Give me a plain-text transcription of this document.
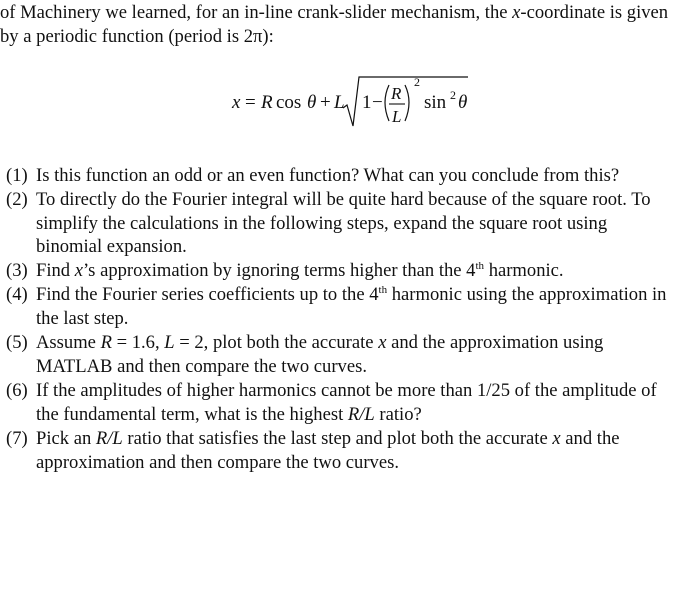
of Machinery we learned, for an in-line crank-slider mechanism, the x-coordinate is given
by a periodic function (period is 2π):
x = R cos θ + L 1 − R
L
2
sin 2 θ
(1) Is this function an odd or an even function? What can you conclude from this?
(2) To directly do the Fourier integral will be quite hard because of the square root. To
simplify the calculations in the following steps, expand the square root using
binomial expansion.
(3) Find x’s approximation by ignoring terms higher than the 4th harmonic.
(4) Find the Fourier series coefficients up to the 4th harmonic using the approximation in
the last step.
(5) Assume R = 1.6, L = 2, plot both the accurate x and the approximation using
MATLAB and then compare the two curves.
(6) If the amplitudes of higher harmonics cannot be more than 1/25 of the amplitude of
the fundamental term, what is the highest R/L ratio?
(7) Pick an R/L ratio that satisfies the last step and plot both the accurate x and the
approximation and then compare the two curves.
